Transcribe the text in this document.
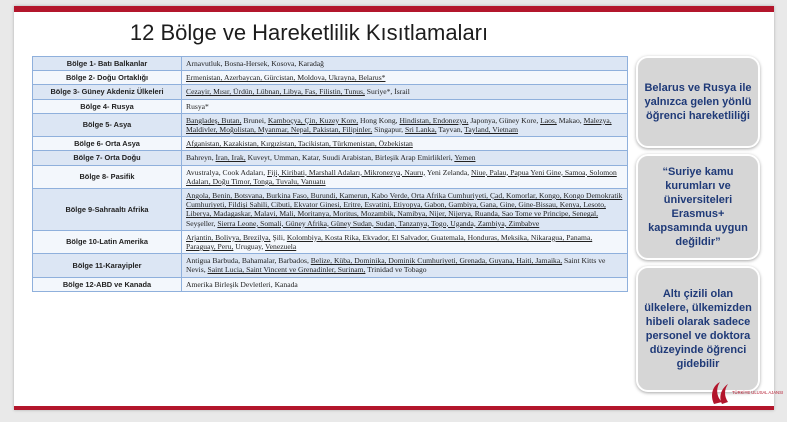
12 Bölge ve Hareketlilik Kısıtlamaları
Bölge 1- Batı Balkanlar	Arnavutluk, Bosna-Hersek, Kosova, Karadağ
Bölge 2- Doğu Ortaklığı	Ermenistan, Azerbaycan, Gürcistan, Moldova, Ukrayna, Belarus*
Bölge 3- Güney Akdeniz Ülkeleri	Cezayir, Mısır, Ürdün, Lübnan, Libya, Fas, Filistin, Tunus, Suriye*, İsrail
Bölge 4- Rusya	Rusya*
Bölge 5- Asya	Bangladeş, Butan, Brunei, Kamboçya, Çin, Kuzey Kore, Hong Kong, Hindistan, Endonezya, Japonya, Güney Kore, Laos, Makao, Malezya, Maldivler, Moğolistan, Myanmar, Nepal, Pakistan, Filipinler, Singapur, Sri Lanka, Tayvan, Tayland, Vietnam
Bölge 6- Orta Asya	Afganistan, Kazakistan, Kırgızistan, Tacikistan, Türkmenistan, Özbekistan
Bölge 7- Orta Doğu	Bahreyn, İran, Irak, Kuveyt, Umman, Katar, Suudi Arabistan, Birleşik Arap Emirlikleri, Yemen
Bölge 8- Pasifik	Avustralya, Cook Adaları, Fiji, Kiribati, Marshall Adaları, Mikronezya, Nauru, Yeni Zelanda, Niue, Palau, Papua Yeni Gine, Samoa, Solomon Adaları, Doğu Timor, Tonga, Tuvalu, Vanuatu
Bölge 9-Sahraaltı Afrika	Angola, Benin, Botsvana, Burkina Faso, Burundi, Kamerun, Kabo Verde, Orta Afrika Cumhuriyeti, Çad, Komorlar, Kongo, Kongo Demokratik Cumhuriyeti, Fildişi Sahili, Cibuti, Ekvator Ginesi, Eritre, Esvatini, Etiyopya, Gabon, Gambiya, Gana, Gine, Gine-Bissau, Kenya, Lesoto, Liberya, Madagaskar, Malavi, Mali, Moritanya, Moritus, Mozambik, Namibya, Nijer, Nijerya, Ruanda, Sao Tome ve Principe, Senegal, Seyşeller, Sierra Leone, Somali, Güney Afrika, Güney Sudan, Sudan, Tanzanya, Togo, Uganda, Zambiya, Zimbabve
Bölge 10-Latin Amerika	Arjantin, Bolivya, Brezilya, Şili, Kolombiya, Kosta Rika, Ekvador, El Salvador, Guatemala, Honduras, Meksika, Nikaragua, Panama, Paraguay, Peru, Uruguay, Venezuela
Bölge 11-Karayipler	Antigua Barbuda, Bahamalar, Barbados, Belize, Küba, Dominika, Dominik Cumhuriyeti, Grenada, Guyana, Haiti, Jamaika, Saint Kitts ve Nevis, Saint Lucia, Saint Vincent ve Grenadinler, Surinam, Trinidad ve Tobago
Bölge 12-ABD ve Kanada	Amerika Birleşik Devletleri, Kanada
Belarus ve Rusya ile yalnızca gelen yönlü öğrenci hareketliliği
“Suriye kamu kurumları ve üniversiteleri Erasmus+ kapsamında uygun değildir”
Altı çizili olan ülkelere, ülkemizden hibeli olarak sadece personel ve doktora düzeyinde öğrenci gidebilir
TÜRKİYE ULUSAL AJANSI
